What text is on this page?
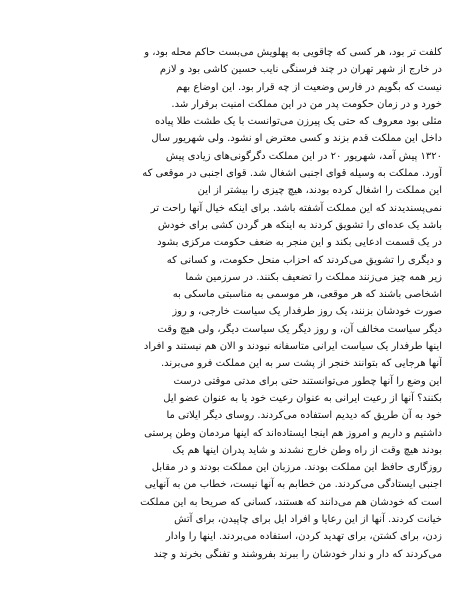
کلفت تر بود، هر کسی که چاقویی به پهلویش می‌بست حاکم محله بود، و
در خارج از شهر تهران در چند فرسنگی نایب حسین کاشی بود و لازم
نیست که بگویم در فارس وضعیت از چه قرار بود. این اوضاع بهم
خورد و در زمان حکومت پدر من در این مملکت امنیت برقرار شد.
مثلی بود معروف که حتی یک پیرزن می‌توانست با یک طشت طلا پیاده
داخل این مملکت قدم بزند و کسی معترض او نشود. ولی شهریور سال
۱۳۲۰ پیش آمد، شهریور ۲۰ در این مملکت دگرگونی‌های زیادی پیش
آورد. مملکت به وسیله قوای اجنبی اشغال شد. قوای اجنبی در موقعی که
این مملکت را اشغال کرده بودند، هیچ چیزی را بیشتر از این
نمی‌پسندیدند که این مملکت آشفته باشد. برای اینکه خیال آنها راحت تر
باشد یک عده‌ای را تشویق کردند به اینکه هر گردن کشی برای خودش
در یک قسمت ادعایی بکند و این منجر به ضعف حکومت مرکزی بشود
و دیگری را تشویق می‌کردند که احزاب منحل حکومت، و کسانی که
زیر همه چیز می‌زنند مملکت را تضعیف بکنند. در سرزمین شما
اشخاصی باشند که هر موقعی، هر موسمی به مناسبتی ماسکی به
صورت خودشان بزنند، یک روز طرفدار یک سیاست خارجی، و روز
دیگر سیاست مخالف آن، و روز دیگر یک سیاست دیگر، ولی هیچ وقت
اینها طرفدار یک سیاست ایرانی متاسفانه نبودند و الان هم نیستند و افراد
آنها هرجایی که بتوانند خنجر از پشت سر به این مملکت فرو می‌برند.
این وضع را آنها چطور می‌توانستند حتی برای مدتی موقتی درست
بکنند؟ آنها از رعیت ایرانی به عنوان رعیت خود یا به عنوان عضو ایل
خود به آن طریق که دیدیم استفاده می‌کردند. روسای دیگر ایلاتی ما
داشتیم و داریم و امروز هم اینجا ایستاده‌اند که اینها مردمان وطن پرستی
بودند هیچ وقت از راه وطن خارج نشدند و شاید پدران اینها هم یک
روزگاری حافظ این مملکت بودند. مرزبان این مملکت بودند و در مقابل
اجنبی ایستادگی می‌کردند. من خطابم به آنها نیست، خطاب من به آنهایی
است که خودشان هم می‌دانند که هستند، کسانی که صریحا به این مملکت
خیانت کردند. آنها از این رعایا و افراد ایل برای چاپیدن، برای آتش
زدن، برای کشتن، برای تهدید کردن، استفاده می‌بردند. اینها را وادار
می‌کردند که دار و ندار خودشان را ببرند بفروشند و تفنگی بخرند و چند
